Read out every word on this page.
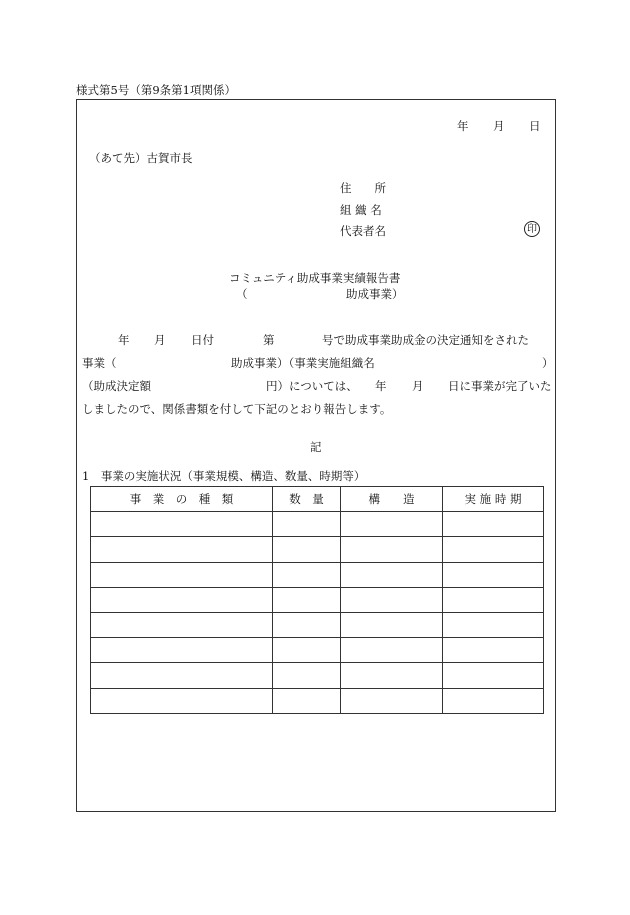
様式第5号（第9条第1項関係）
年 月 日
（あて先）古賀市長
住　　所
組 織 名
代表者名	印
コミュニティ助成事業実績報告書
（	助成事業）
年 月 日付	第	号で助成事業助成金の決定通知をされた
事業（	助成事業）（事業実施組織名	）
（助成決定額	円）については、 年 月 日に事業が完了いた
しましたので、関係書類を付して下記のとおり報告します。
記
1　事業の実施状況（事業規模、構造、数量、時期等）
事　業　の　種　類	数　量	構　　造	実 施 時 期
